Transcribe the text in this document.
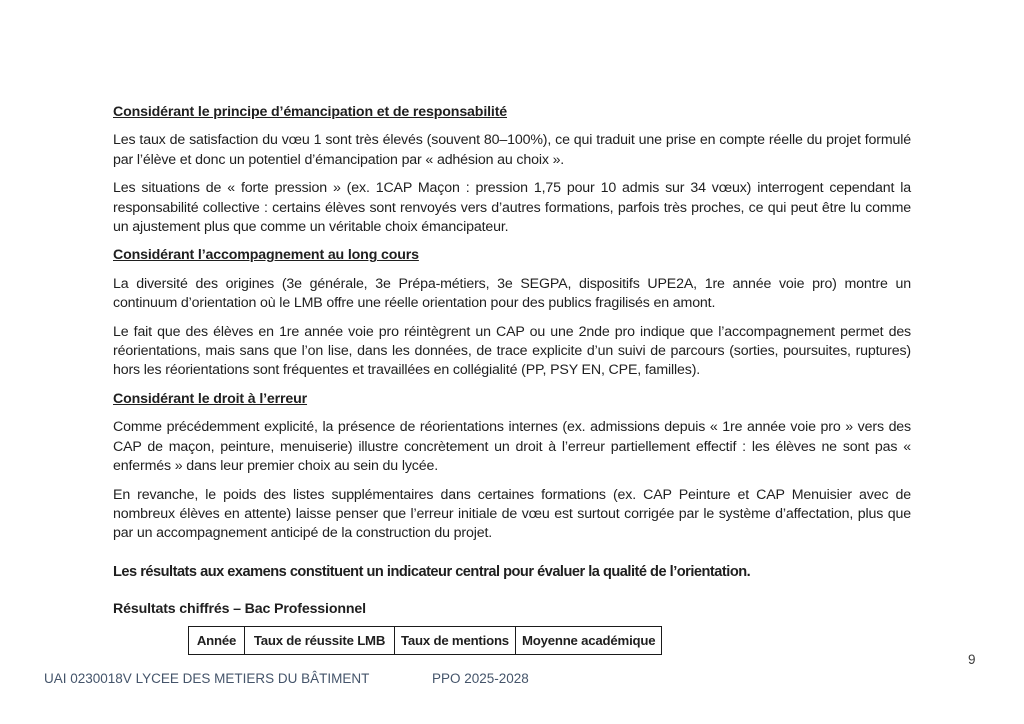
Considérant le principe d’émancipation et de responsabilité

Les taux de satisfaction du vœu 1 sont très élevés (souvent 80–100%), ce qui traduit une prise en compte réelle du projet formulé par l’élève et donc un potentiel d’émancipation par « adhésion au choix ».

Les situations de « forte pression » (ex. 1CAP Maçon : pression 1,75 pour 10 admis sur 34 vœux) interrogent cependant la responsabilité collective : certains élèves sont renvoyés vers d’autres formations, parfois très proches, ce qui peut être lu comme un ajustement plus que comme un véritable choix émancipateur.

Considérant l’accompagnement au long cours

La diversité des origines (3e générale, 3e Prépa-métiers, 3e SEGPA, dispositifs UPE2A, 1re année voie pro) montre un continuum d’orientation où le LMB offre une réelle orientation pour des publics fragilisés en amont.

Le fait que des élèves en 1re année voie pro réintègrent un CAP ou une 2nde pro indique que l’accompagnement permet des réorientations, mais sans que l’on lise, dans les données, de trace explicite d’un suivi de parcours (sorties, poursuites, ruptures) hors les réorientations sont fréquentes et travaillées en collégialité (PP, PSY EN, CPE, familles).

Considérant le droit à l’erreur

Comme précédemment explicité, la présence de réorientations internes (ex. admissions depuis « 1re année voie pro » vers des CAP de maçon, peinture, menuiserie) illustre concrètement un droit à l’erreur partiellement effectif : les élèves ne sont pas « enfermés » dans leur premier choix au sein du lycée.

En revanche, le poids des listes supplémentaires dans certaines formations (ex. CAP Peinture et CAP Menuisier avec de nombreux élèves en attente) laisse penser que l’erreur initiale de vœu est surtout corrigée par le système d’affectation, plus que par un accompagnement anticipé de la construction du projet.

Les résultats aux examens constituent un indicateur central pour évaluer la qualité de l’orientation.

Résultats chiffrés – Bac Professionnel
Année	Taux de réussite LMB	Taux de mentions	Moyenne académique
9
UAI 0230018V LYCEE DES METIERS DU BÂTIMENT	PPO 2025-2028
